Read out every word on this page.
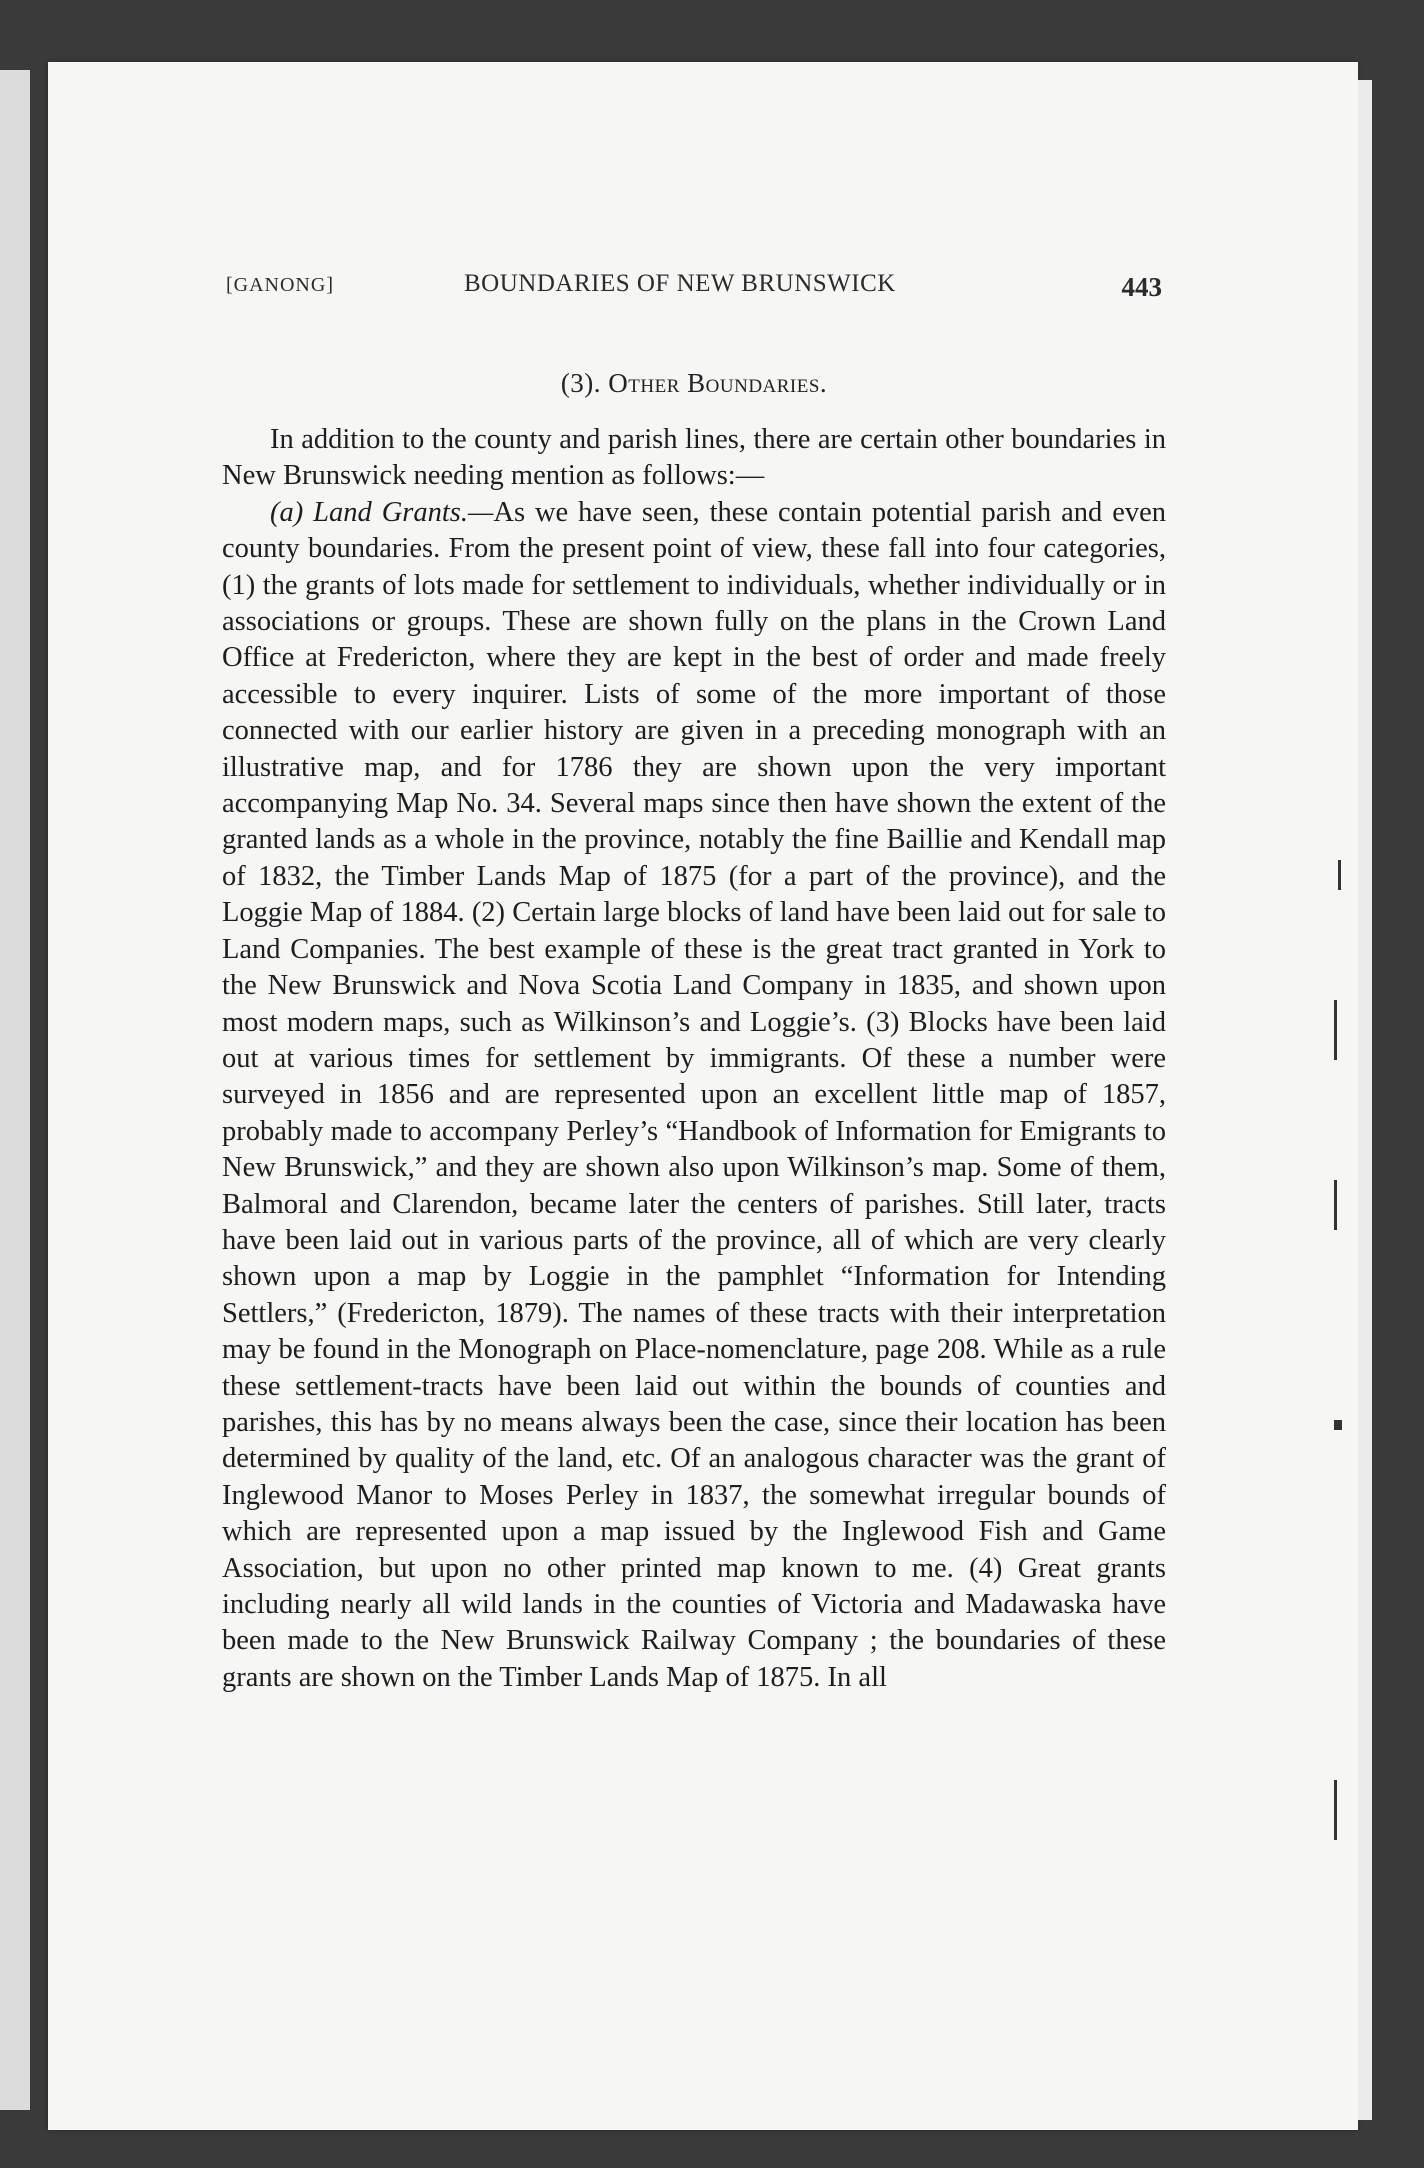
[GANONG]	BOUNDARIES OF NEW BRUNSWICK	443
(3). Other Boundaries.

In addition to the county and parish lines, there are certain other boundaries in New Brunswick needing mention as follows:—

(a) Land Grants.—As we have seen, these contain potential parish and even county boundaries. From the present point of view, these fall into four categories, (1) the grants of lots made for settlement to individuals, whether individually or in associations or groups. These are shown fully on the plans in the Crown Land Office at Fredericton, where they are kept in the best of order and made freely accessible to every inquirer. Lists of some of the more important of those connected with our earlier history are given in a preceding monograph with an illustrative map, and for 1786 they are shown upon the very important accompanying Map No. 34. Several maps since then have shown the extent of the granted lands as a whole in the province, notably the fine Baillie and Kendall map of 1832, the Timber Lands Map of 1875 (for a part of the province), and the Loggie Map of 1884. (2) Certain large blocks of land have been laid out for sale to Land Companies. The best example of these is the great tract granted in York to the New Brunswick and Nova Scotia Land Company in 1835, and shown upon most modern maps, such as Wilkinson’s and Loggie’s. (3) Blocks have been laid out at various times for settlement by immigrants. Of these a number were surveyed in 1856 and are represented upon an excellent little map of 1857, probably made to accompany Perley’s “Handbook of Information for Emigrants to New Brunswick,” and they are shown also upon Wilkinson’s map. Some of them, Balmoral and Clarendon, became later the centers of parishes. Still later, tracts have been laid out in various parts of the province, all of which are very clearly shown upon a map by Loggie in the pamphlet “Information for Intending Settlers,” (Fredericton, 1879). The names of these tracts with their interpretation may be found in the Monograph on Place-nomenclature, page 208. While as a rule these settlement-tracts have been laid out within the bounds of counties and parishes, this has by no means always been the case, since their location has been determined by quality of the land, etc. Of an analogous character was the grant of Inglewood Manor to Moses Perley in 1837, the somewhat irregular bounds of which are represented upon a map issued by the Inglewood Fish and Game Association, but upon no other printed map known to me. (4) Great grants including nearly all wild lands in the counties of Victoria and Madawaska have been made to the New Brunswick Railway Company ; the boundaries of these grants are shown on the Timber Lands Map of 1875. In all
